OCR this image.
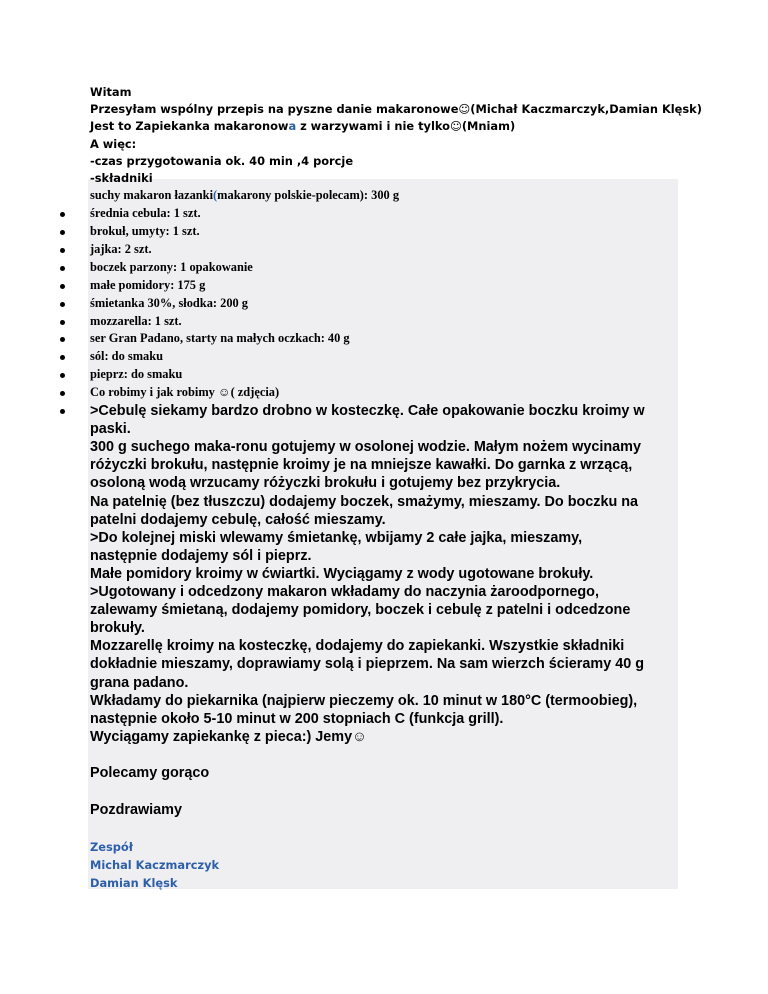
Witam
Przesyłam wspólny przepis na pyszne danie makaronowe☺(Michał Kaczmarczyk,Damian Klęsk)
Jest to Zapiekanka makaronowa z warzywami i nie tylko☺(Mniam)
A więc:
-czas przygotowania ok. 40 min ,4 porcje
-składniki
suchy makaron łazanki(makarony polskie-polecam): 300 g
średnia cebula: 1 szt.
brokuł, umyty: 1 szt.
jajka: 2 szt.
boczek parzony: 1 opakowanie
małe pomidory: 175 g
śmietanka 30%, słodka: 200 g
mozzarella: 1 szt.
ser Gran Padano, starty na małych oczkach: 40 g
sól: do smaku
pieprz: do smaku
Co robimy i jak robimy ☺( zdjęcia)
>Cebulę siekamy bardzo drobno w kosteczkę. Całe opakowanie boczku kroimy w
paski.
300 g suchego maka-ronu gotujemy w osolonej wodzie. Małym nożem wycinamy
różyczki brokułu, następnie kroimy je na mniejsze kawałki. Do garnka z wrzącą,
osoloną wodą wrzucamy różyczki brokułu i gotujemy bez przykrycia.
Na patelnię (bez tłuszczu) dodajemy boczek, smażymy, mieszamy. Do boczku na
patelni dodajemy cebulę, całość mieszamy.
>Do kolejnej miski wlewamy śmietankę, wbijamy 2 całe jajka, mieszamy,
następnie dodajemy sól i pieprz.
Małe pomidory kroimy w ćwiartki. Wyciągamy z wody ugotowane brokuły.
>Ugotowany i odcedzony makaron wkładamy do naczynia żaroodpornego,
zalewamy śmietaną, dodajemy pomidory, boczek i cebulę z patelni i odcedzone
brokuły.
Mozzarellę kroimy na kosteczkę, dodajemy do zapiekanki. Wszystkie składniki
dokładnie mieszamy, doprawiamy solą i pieprzem. Na sam wierzch ścieramy 40 g
grana padano.
Wkładamy do piekarnika (najpierw pieczemy ok. 10 minut w 180°C (termoobieg),
następnie około 5-10 minut w 200 stopniach C (funkcja grill).
Wyciągamy zapiekankę z pieca:) Jemy☺
Polecamy gorąco
Pozdrawiamy
Zespół
Michal Kaczmarczyk
Damian Klęsk
